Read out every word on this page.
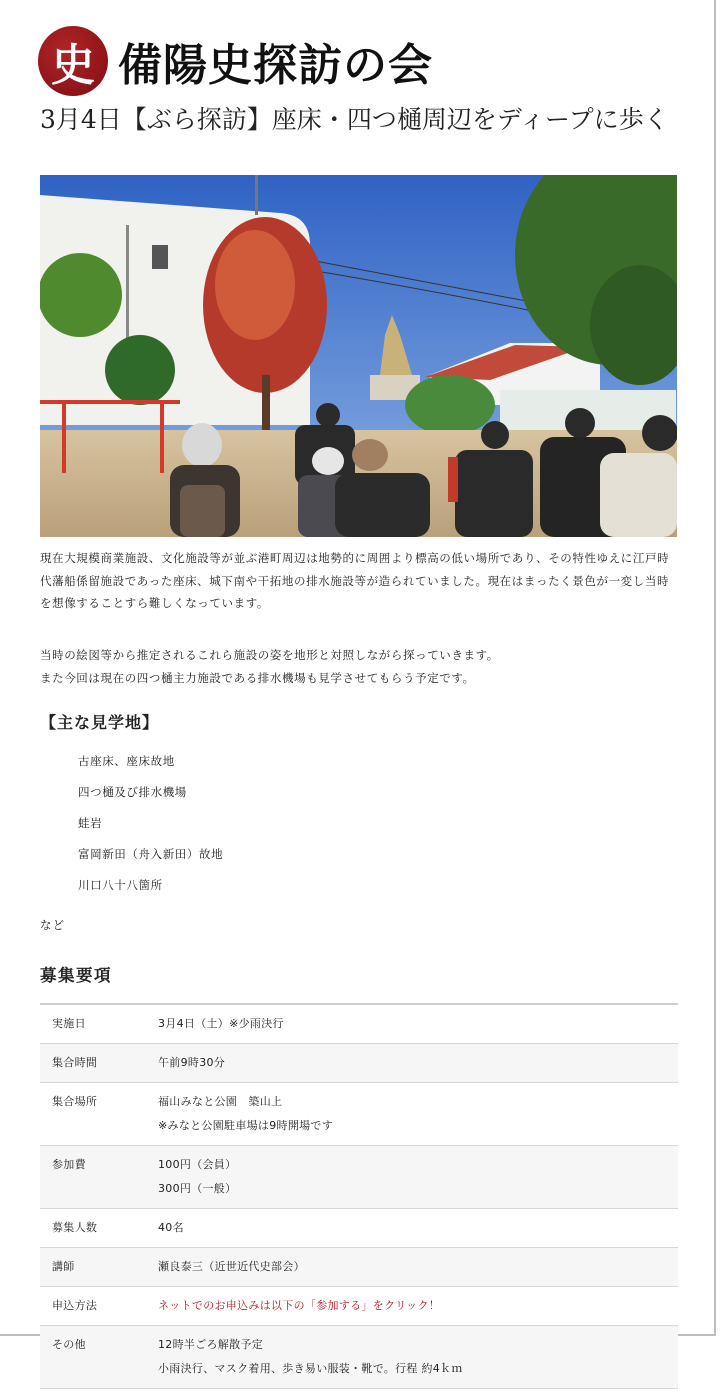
史 備陽史探訪の会
3月4日【ぶら探訪】座床・四つ樋周辺をディープに歩く

現在大規模商業施設、文化施設等が並ぶ港町周辺は地勢的に周囲より標高の低い場所であり、その特性ゆえに江戸時代藩船係留施設であった座床、城下南や干拓地の排水施設等が造られていました。現在はまったく景色が一変し当時を想像することすら難しくなっています。

当時の絵図等から推定されるこれら施設の姿を地形と対照しながら探っていきます。
また今回は現在の四つ樋主力施設である排水機場も見学させてもらう予定です。

【主な見学地】
古座床、座床故地
四つ樋及び排水機場
蛙岩
富岡新田（舟入新田）故地
川口八十八箇所
など
募集要項
実施日	3月4日（土）※少雨決行

集合時間	午前9時30分

集合場所	福山みなと公園　築山上
※みなと公園駐車場は9時開場です

参加費	100円（会員）
300円（一般）

募集人数	40名

講師	瀬良泰三（近世近代史部会）

申込方法	ネットでのお申込みは以下の「参加する」をクリック！

その他	12時半ごろ解散予定
小雨決行、マスク着用、歩き易い服装・靴で。行程 約4ｋｍ
